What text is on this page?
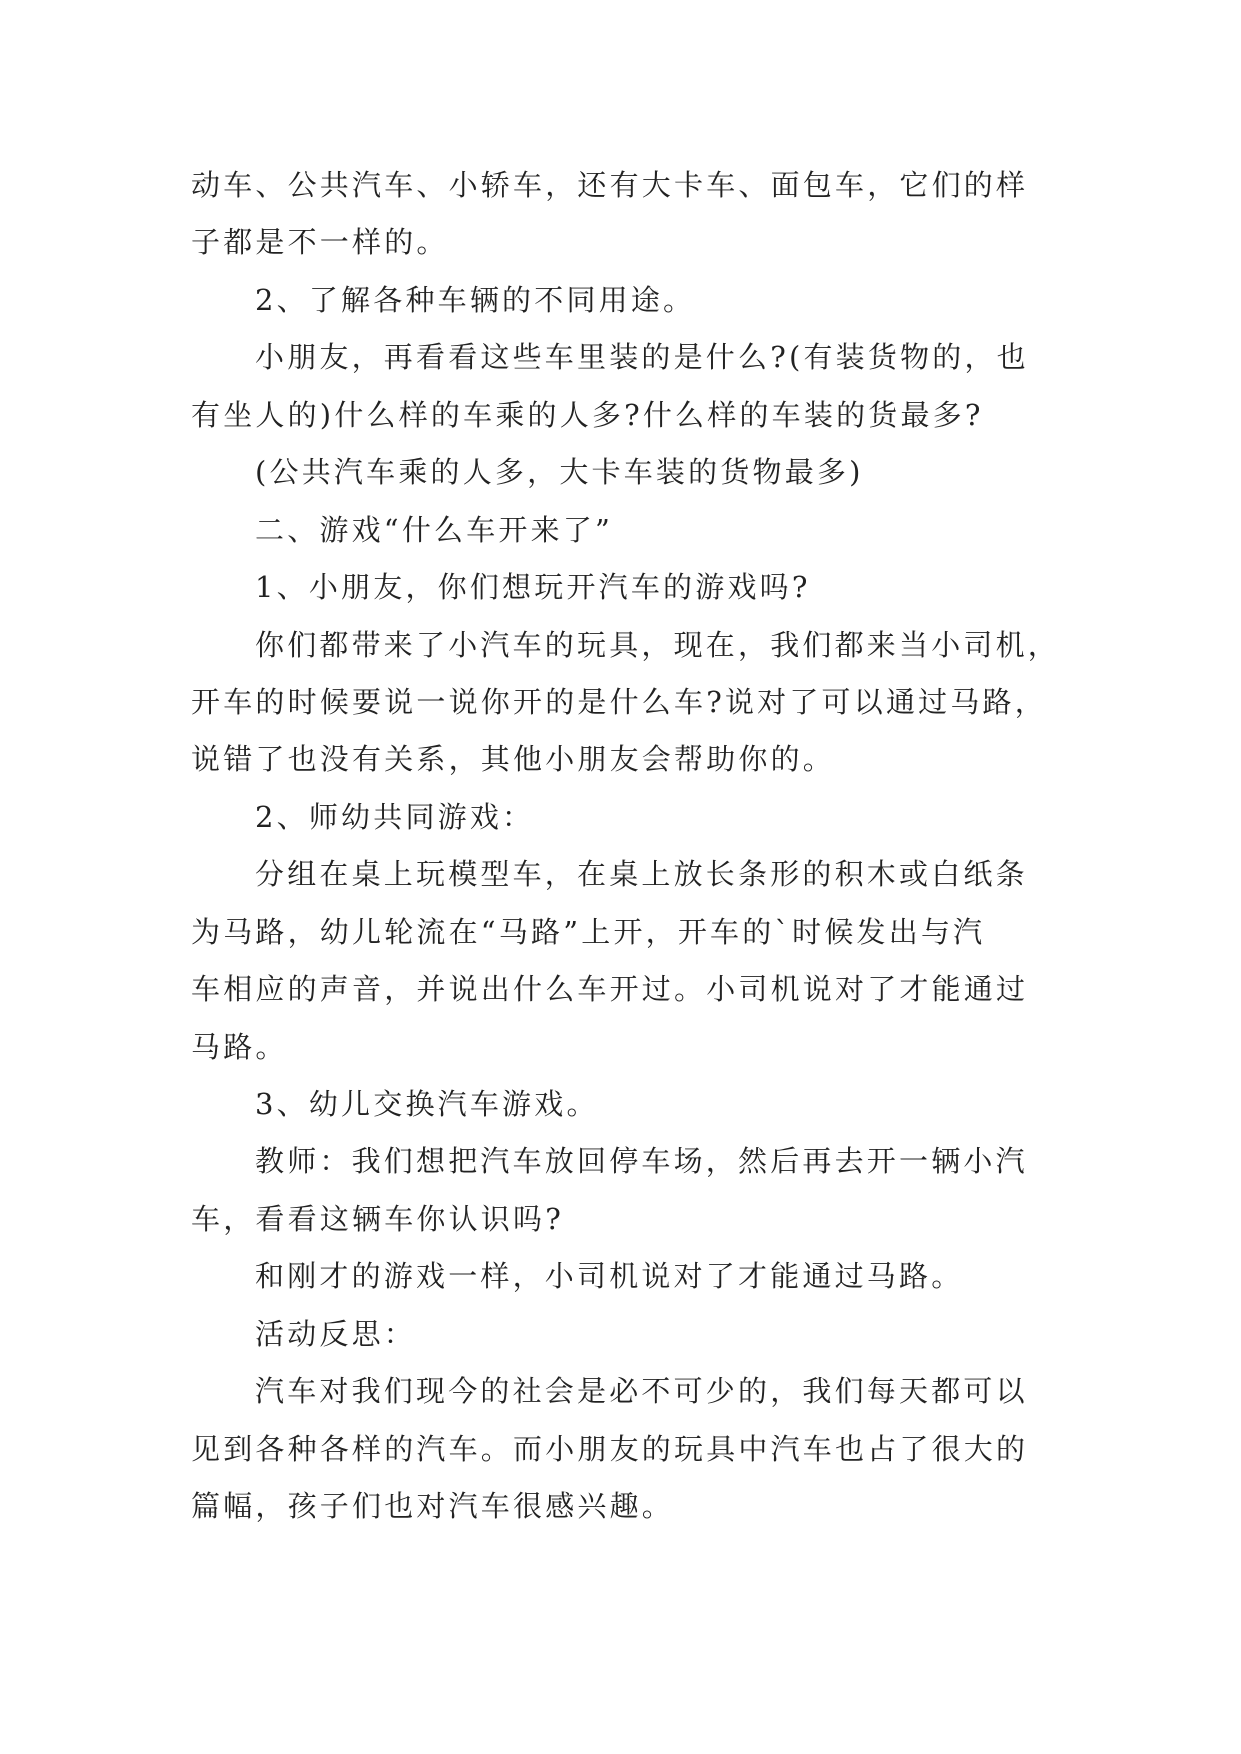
动车、公共汽车、小轿车，还有大卡车、面包车，它们的样
子都是不一样的。
2、了解各种车辆的不同用途。
小朋友，再看看这些车里装的是什么?(有装货物的，也
有坐人的)什么样的车乘的人多?什么样的车装的货最多?
(公共汽车乘的人多，大卡车装的货物最多)
二、游戏“什么车开来了”
1、小朋友，你们想玩开汽车的游戏吗?
你们都带来了小汽车的玩具，现在，我们都来当小司机，
开车的时候要说一说你开的是什么车?说对了可以通过马路，
说错了也没有关系，其他小朋友会帮助你的。
2、师幼共同游戏：
分组在桌上玩模型车，在桌上放长条形的积木或白纸条
为马路，幼儿轮流在“马路”上开，开车的`时候发出与汽
车相应的声音，并说出什么车开过。小司机说对了才能通过
马路。
3、幼儿交换汽车游戏。
教师：我们想把汽车放回停车场，然后再去开一辆小汽
车，看看这辆车你认识吗?
和刚才的游戏一样，小司机说对了才能通过马路。
活动反思：
汽车对我们现今的社会是必不可少的，我们每天都可以
见到各种各样的汽车。而小朋友的玩具中汽车也占了很大的
篇幅，孩子们也对汽车很感兴趣。
